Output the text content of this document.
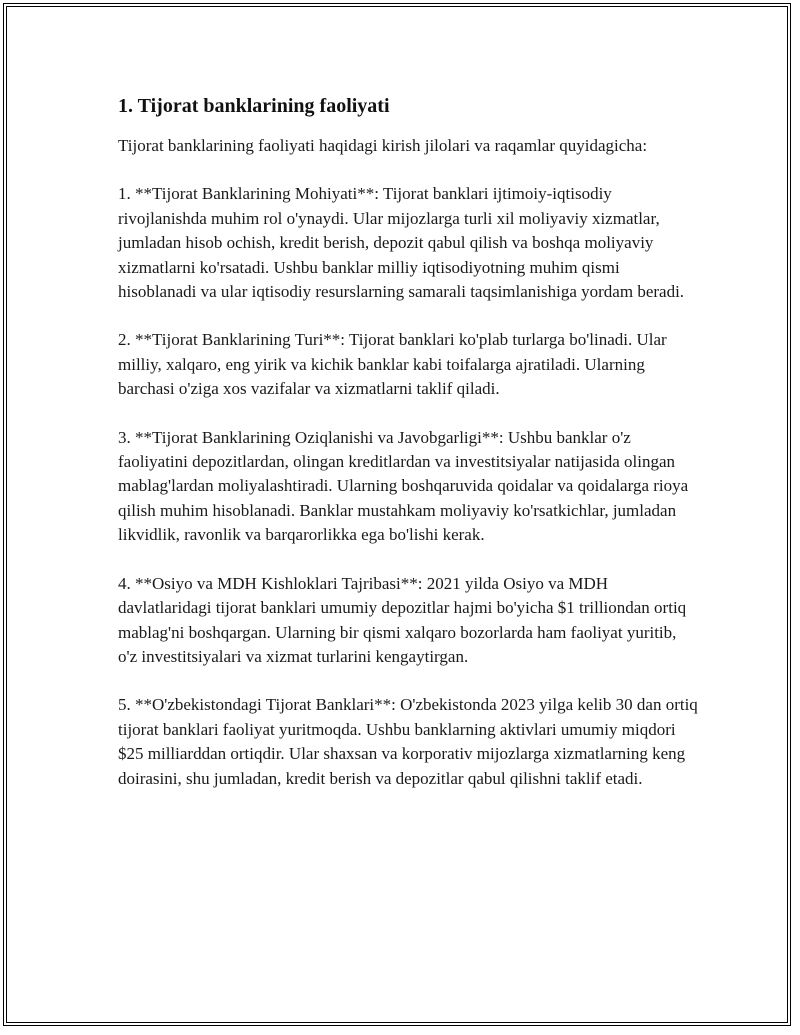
1. Tijorat banklarining faoliyati

Tijorat banklarining faoliyati haqidagi kirish jilolari va raqamlar quyidagicha:

1. **Tijorat Banklarining Mohiyati**: Tijorat banklari ijtimoiy-iqtisodiy rivojlanishda muhim rol o'ynaydi. Ular mijozlarga turli xil moliyaviy xizmatlar, jumladan hisob ochish, kredit berish, depozit qabul qilish va boshqa moliyaviy xizmatlarni ko'rsatadi. Ushbu banklar milliy iqtisodiyotning muhim qismi hisoblanadi va ular iqtisodiy resurslarning samarali taqsimlanishiga yordam beradi.

2. **Tijorat Banklarining Turi**: Tijorat banklari ko'plab turlarga bo'linadi. Ular milliy, xalqaro, eng yirik va kichik banklar kabi toifalarga ajratiladi. Ularning barchasi o'ziga xos vazifalar va xizmatlarni taklif qiladi.

3. **Tijorat Banklarining Oziqlanishi va Javobgarligi**: Ushbu banklar o'z faoliyatini depozitlardan, olingan kreditlardan va investitsiyalar natijasida olingan mablag'lardan moliyalashtiradi. Ularning boshqaruvida qoidalar va qoidalarga rioya qilish muhim hisoblanadi. Banklar mustahkam moliyaviy ko'rsatkichlar, jumladan likvidlik, ravonlik va barqarorlikka ega bo'lishi kerak.

4. **Osiyo va MDH Kishloklari Tajribasi**: 2021 yilda Osiyo va MDH davlatlaridagi tijorat banklari umumiy depozitlar hajmi bo'yicha $1 trilliondan ortiq mablag'ni boshqargan. Ularning bir qismi xalqaro bozorlarda ham faoliyat yuritib, o'z investitsiyalari va xizmat turlarini kengaytirgan.

5. **O'zbekistondagi Tijorat Banklari**: O'zbekistonda 2023 yilga kelib 30 dan ortiq tijorat banklari faoliyat yuritmoqda. Ushbu banklarning aktivlari umumiy miqdori $25 milliarddan ortiqdir. Ular shaxsan va korporativ mijozlarga xizmatlarning keng doirasini, shu jumladan, kredit berish va depozitlar qabul qilishni taklif etadi.
